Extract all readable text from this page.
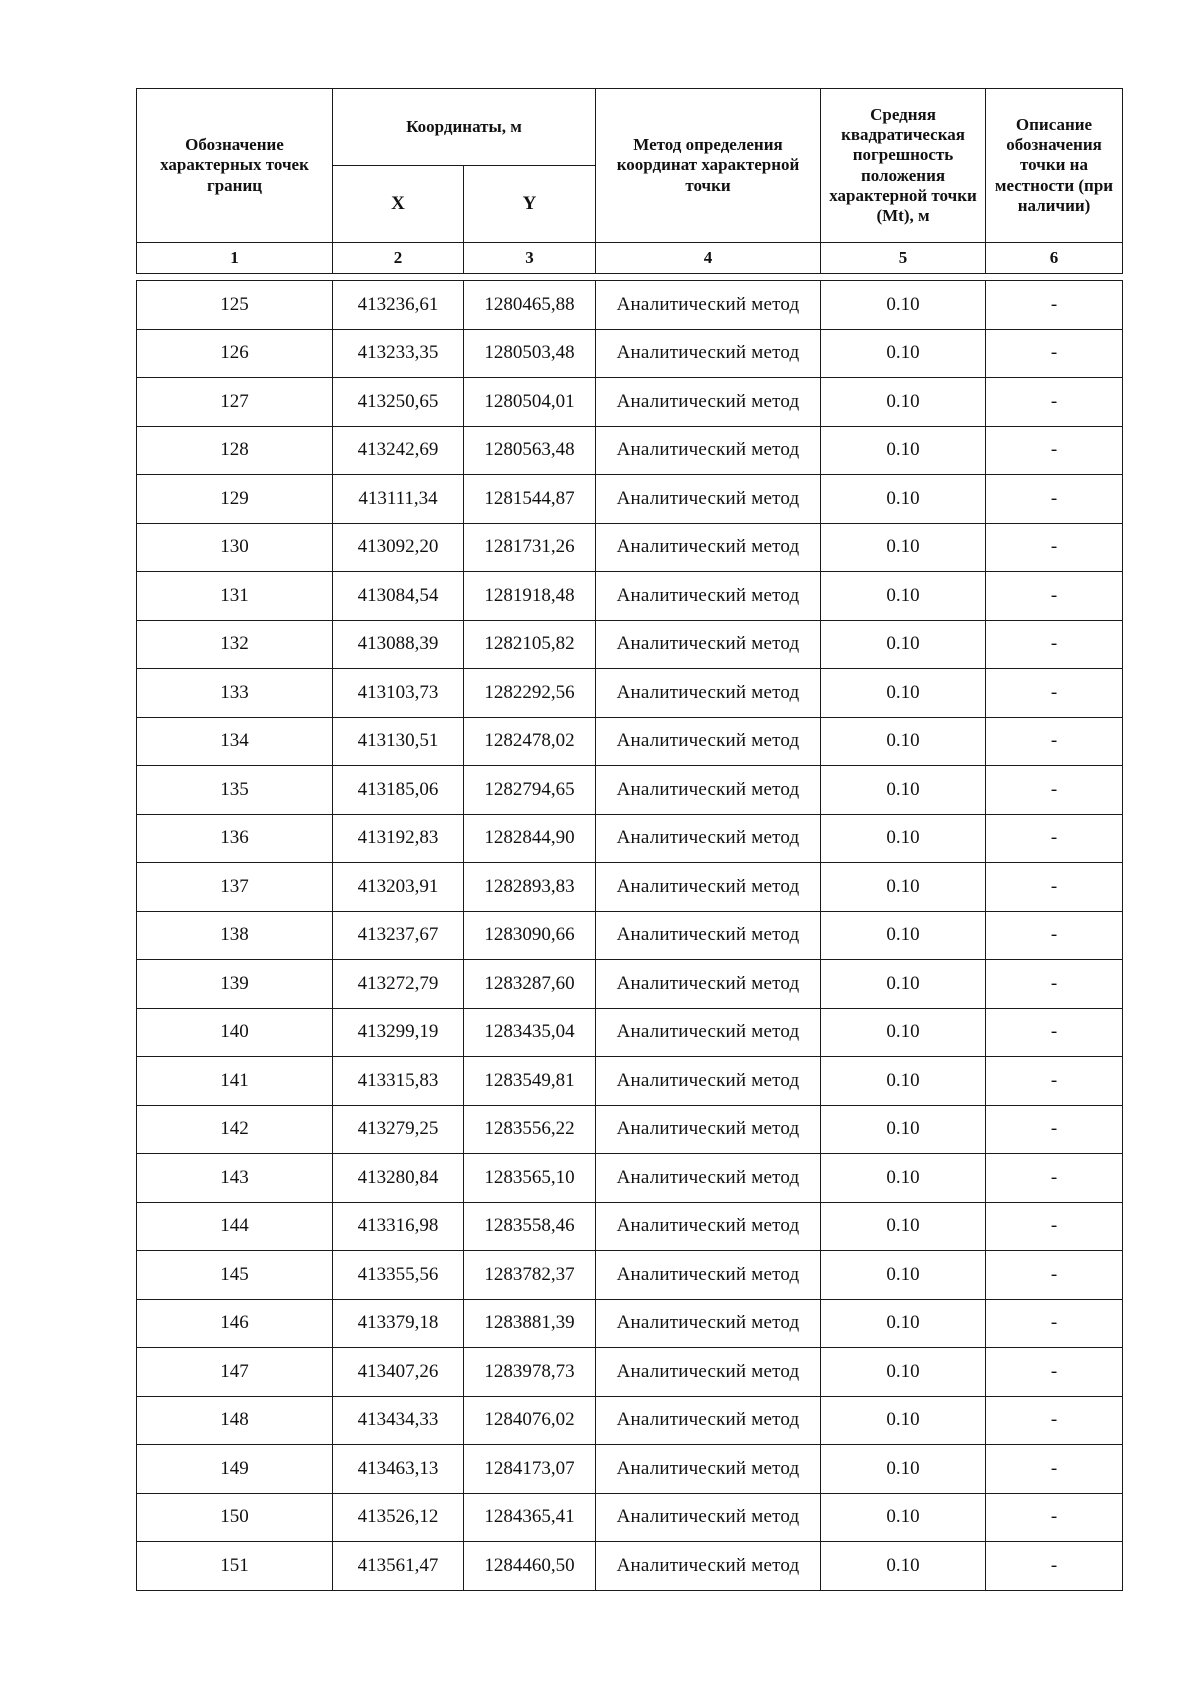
Обозначение характерных точек границ	Координаты, м		Метод определения координат характерной точки	Средняя квадратическая погрешность положения характерной точки (Mt), м	Описание обозначения точки на местности (при наличии)
	X	Y			
1	2	3	4	5	6

125	413236,61	1280465,88	Аналитический метод	0.10	-
126	413233,35	1280503,48	Аналитический метод	0.10	-
127	413250,65	1280504,01	Аналитический метод	0.10	-
128	413242,69	1280563,48	Аналитический метод	0.10	-
129	413111,34	1281544,87	Аналитический метод	0.10	-
130	413092,20	1281731,26	Аналитический метод	0.10	-
131	413084,54	1281918,48	Аналитический метод	0.10	-
132	413088,39	1282105,82	Аналитический метод	0.10	-
133	413103,73	1282292,56	Аналитический метод	0.10	-
134	413130,51	1282478,02	Аналитический метод	0.10	-
135	413185,06	1282794,65	Аналитический метод	0.10	-
136	413192,83	1282844,90	Аналитический метод	0.10	-
137	413203,91	1282893,83	Аналитический метод	0.10	-
138	413237,67	1283090,66	Аналитический метод	0.10	-
139	413272,79	1283287,60	Аналитический метод	0.10	-
140	413299,19	1283435,04	Аналитический метод	0.10	-
141	413315,83	1283549,81	Аналитический метод	0.10	-
142	413279,25	1283556,22	Аналитический метод	0.10	-
143	413280,84	1283565,10	Аналитический метод	0.10	-
144	413316,98	1283558,46	Аналитический метод	0.10	-
145	413355,56	1283782,37	Аналитический метод	0.10	-
146	413379,18	1283881,39	Аналитический метод	0.10	-
147	413407,26	1283978,73	Аналитический метод	0.10	-
148	413434,33	1284076,02	Аналитический метод	0.10	-
149	413463,13	1284173,07	Аналитический метод	0.10	-
150	413526,12	1284365,41	Аналитический метод	0.10	-
151	413561,47	1284460,50	Аналитический метод	0.10	-
